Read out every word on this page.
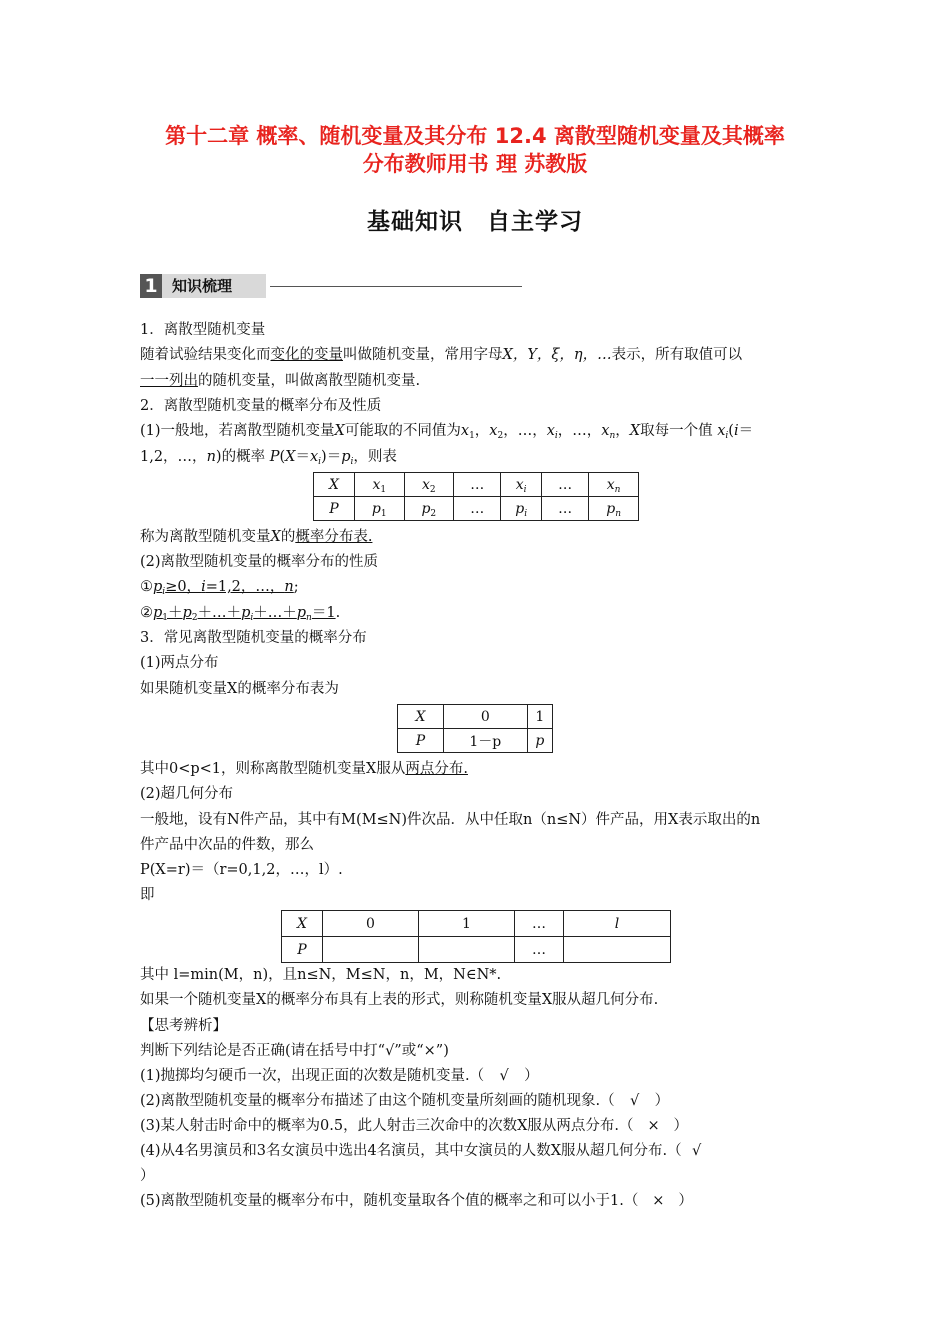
第十二章 概率、随机变量及其分布 12.4 离散型随机变量及其概率
分布教师用书 理 苏教版
基础知识　自主学习
1 知识梳理
1．离散型随机变量
随着试验结果变化而变化的变量叫做随机变量，常用字母X，Y，ξ，η，…表示，所有取值可以
一一列出的随机变量，叫做离散型随机变量.
2．离散型随机变量的概率分布及性质
(1)一般地，若离散型随机变量X可能取的不同值为$x_1$，$x_2$，…，$x_i$，…，$x_n$，X取每一个值 $x_i(i=$
1,2，…，n)的概率 $P(X=x_i)=p_i$，则表
X	$x_1$	$x_2$	…	$x_i$	…	$x_n$
P	$p_1$	$p_2$	…	$p_i$	…	$p_n$
称为离散型随机变量X的概率分布表.
(2)离散型随机变量的概率分布的性质
$①p_i\ge 0$，i=1,2，…，n;
$②p_1+p_2+\dots+p_i+\dots+p_n=1$.
3．常见离散型随机变量的概率分布
(1)两点分布
如果随机变量X的概率分布表为
X	0	1
P	1－p	p
其中0<p<1，则称离散型随机变量X服从两点分布.
(2)超几何分布
一般地，设有N件产品，其中有M(M≤N)件次品．从中任取n（n≤N）件产品，用X表示取出的n
件产品中次品的件数，那么
P(X=r)＝（r=0,1,2，…，l）.
即
X	0	1	…	l
P			…	
其中 l=min(M，n)，且n≤N，M≤N，n，M，N∈N*.
如果一个随机变量X的概率分布具有上表的形式，则称随机变量X服从超几何分布.
【思考辨析】
判断下列结论是否正确(请在括号中打“√”或“×”)
(1)抛掷均匀硬币一次，出现正面的次数是随机变量.（ √ ）
(2)离散型随机变量的概率分布描述了由这个随机变量所刻画的随机现象.（ √ ）
(3)某人射击时命中的概率为0.5，此人射击三次命中的次数X服从两点分布.（ × ）
(4)从4名男演员和3名女演员中选出4名演员，其中女演员的人数X服从超几何分布.（ √
）
(5)离散型随机变量的概率分布中，随机变量取各个值的概率之和可以小于1.（ × ）
